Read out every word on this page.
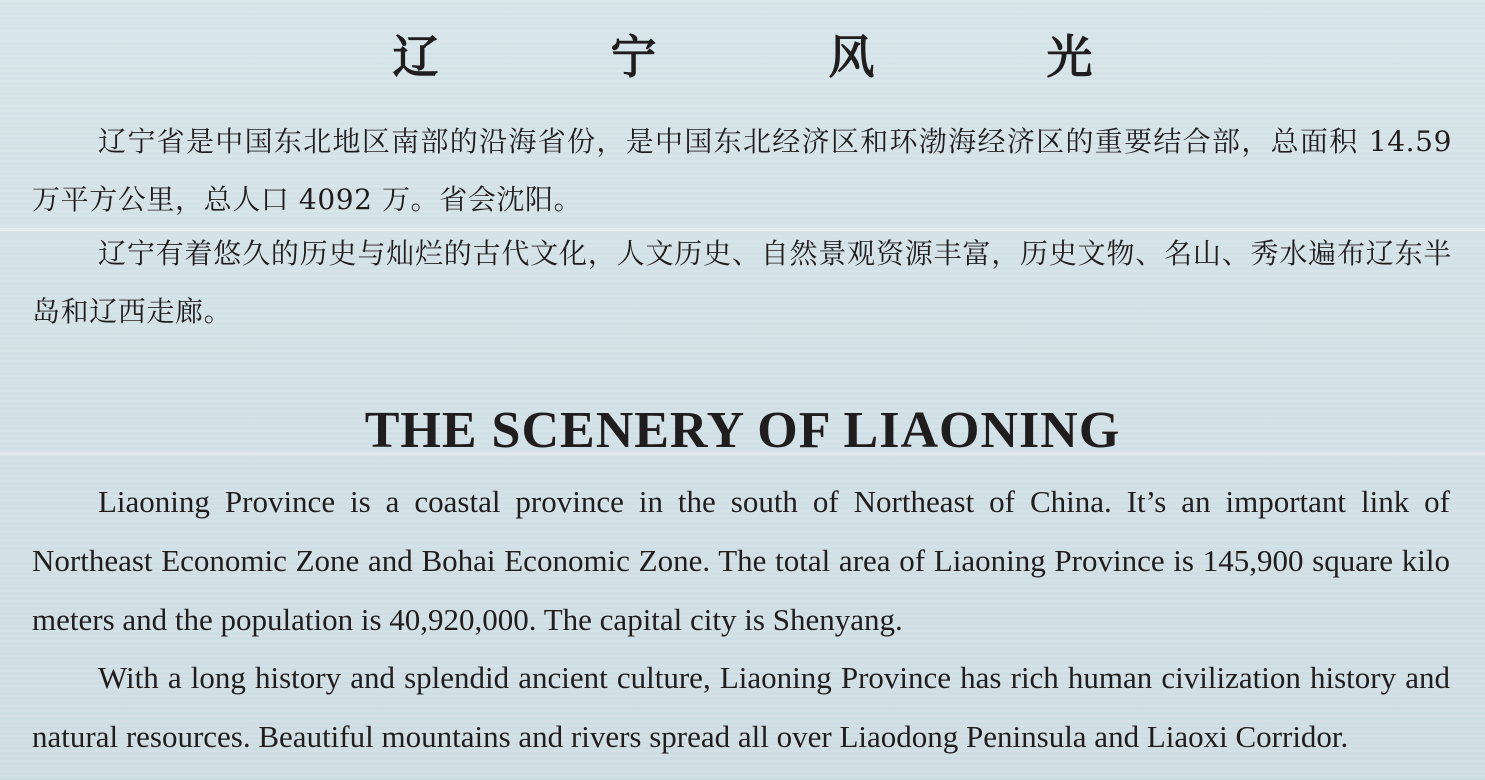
辽 宁 风 光

辽宁省是中国东北地区南部的沿海省份，是中国东北经济区和环渤海经济区的重要结合部，总面积 14.59 万平方公里，总人口 4092 万。省会沈阳。

辽宁有着悠久的历史与灿烂的古代文化，人文历史、自然景观资源丰富，历史文物、名山、秀水遍布辽东半岛和辽西走廊。

THE SCENERY OF LIAONING

Liaoning Province is a coastal province in the south of Northeast of China. It’s an important link of Northeast Economic Zone and Bohai Economic Zone. The total area of Liaoning Province is 145,900 square kilo meters and the population is 40,920,000. The capital city is Shenyang.

With a long history and splendid ancient culture, Liaoning Province has rich human civilization history and natural resources. Beautiful mountains and rivers spread all over Liaodong Peninsula and Liaoxi Corridor.
